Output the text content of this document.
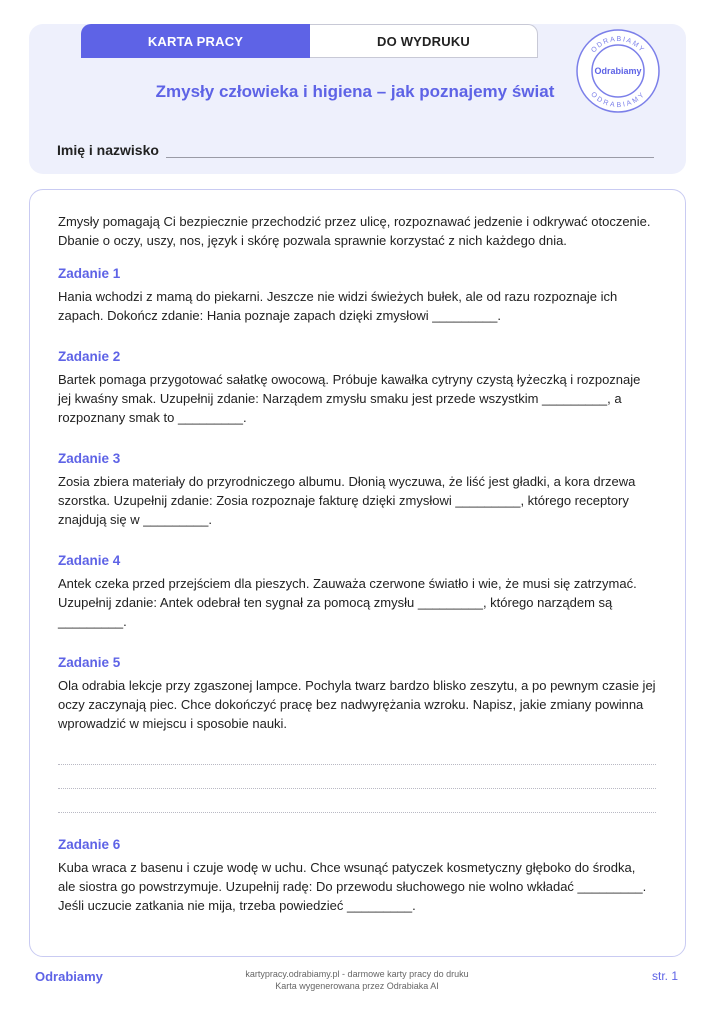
KARTA PRACY	DO WYDRUKU
Zmysły człowieka i higiena – jak poznajemy świat
Imię i nazwisko
ODRABIAMY
ODRABIAMY
Odrabiamy

Zmysły pomagają Ci bezpiecznie przechodzić przez ulicę, rozpoznawać jedzenie i odkrywać otoczenie. Dbanie o oczy, uszy, nos, język i skórę pozwala sprawnie korzystać z nich każdego dnia.

Zadanie 1

Hania wchodzi z mamą do piekarni. Jeszcze nie widzi świeżych bułek, ale od razu rozpoznaje ich zapach. Dokończ zdanie: Hania poznaje zapach dzięki zmysłowi _________.

Zadanie 2

Bartek pomaga przygotować sałatkę owocową. Próbuje kawałka cytryny czystą łyżeczką i rozpoznaje jej kwaśny smak. Uzupełnij zdanie: Narządem zmysłu smaku jest przede wszystkim _________, a rozpoznany smak to _________.

Zadanie 3

Zosia zbiera materiały do przyrodniczego albumu. Dłonią wyczuwa, że liść jest gładki, a kora drzewa szorstka. Uzupełnij zdanie: Zosia rozpoznaje fakturę dzięki zmysłowi _________, którego receptory znajdują się w _________.

Zadanie 4

Antek czeka przed przejściem dla pieszych. Zauważa czerwone światło i wie, że musi się zatrzymać. Uzupełnij zdanie: Antek odebrał ten sygnał za pomocą zmysłu _________, którego narządem są _________.

Zadanie 5

Ola odrabia lekcje przy zgaszonej lampce. Pochyla twarz bardzo blisko zeszytu, a po pewnym czasie jej oczy zaczynają piec. Chce dokończyć pracę bez nadwyrężania wzroku. Napisz, jakie zmiany powinna wprowadzić w miejscu i sposobie nauki.

Zadanie 6

Kuba wraca z basenu i czuje wodę w uchu. Chce wsunąć patyczek kosmetyczny głęboko do środka, ale siostra go powstrzymuje. Uzupełnij radę: Do przewodu słuchowego nie wolno wkładać _________. Jeśli uczucie zatkania nie mija, trzeba powiedzieć _________.

Odrabiamy	kartypracy.odrabiamy.pl - darmowe karty pracy do druku
Karta wygenerowana przez Odrabiaka AI
str. 1
